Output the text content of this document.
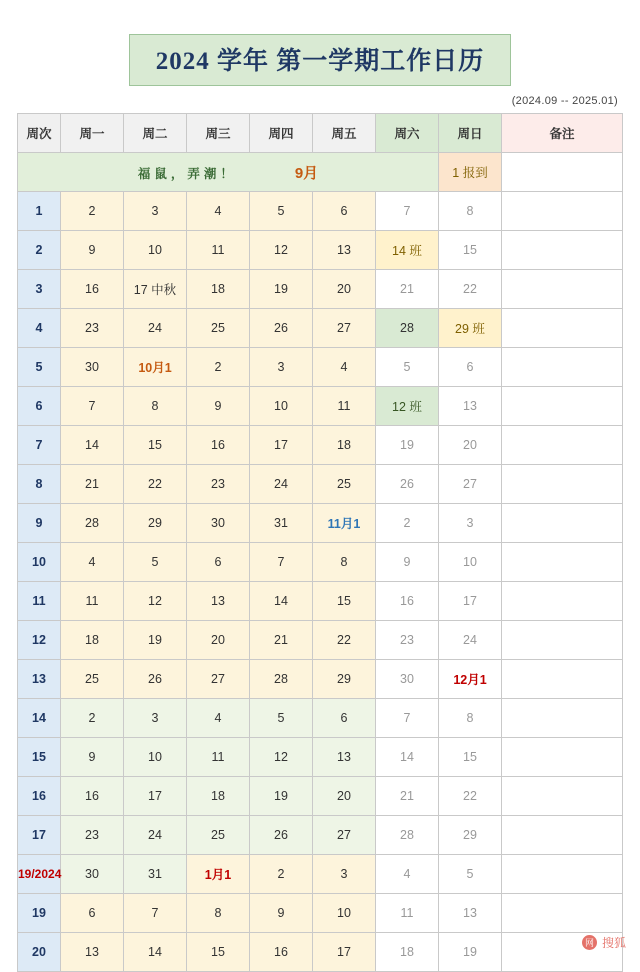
2024 学年 第一学期工作日历
(2024.09 -- 2025.01)
周次	周一	周二	周三	周四	周五	周六	周日	备注
福鼠，弄潮！ 9月							1 报到	
1	2	3	4	5	6	7	8	
2	9	10	11	12	13	14 班	15	
3	16	17 中秋	18	19	20	21	22	
4	23	24	25	26	27	28	29 班	
5	30	10月1	2	3	4	5	6	
6	7	8	9	10	11	12 班	13	
7	14	15	16	17	18	19	20	
8	21	22	23	24	25	26	27	
9	28	29	30	31	11月1	2	3	
10	4	5	6	7	8	9	10	
11	11	12	13	14	15	16	17	
12	18	19	20	21	22	23	24	
13	25	26	27	28	29	30	12月1	
14	2	3	4	5	6	7	8	
15	9	10	11	12	13	14	15	
16	16	17	18	19	20	21	22	
17	23	24	25	26	27	28	29	
19/2024	30	31	1月1	2	3	4	5	
19	6	7	8	9	10	11	13	
20	13	14	15	16	17	18	19	
网 搜狐
